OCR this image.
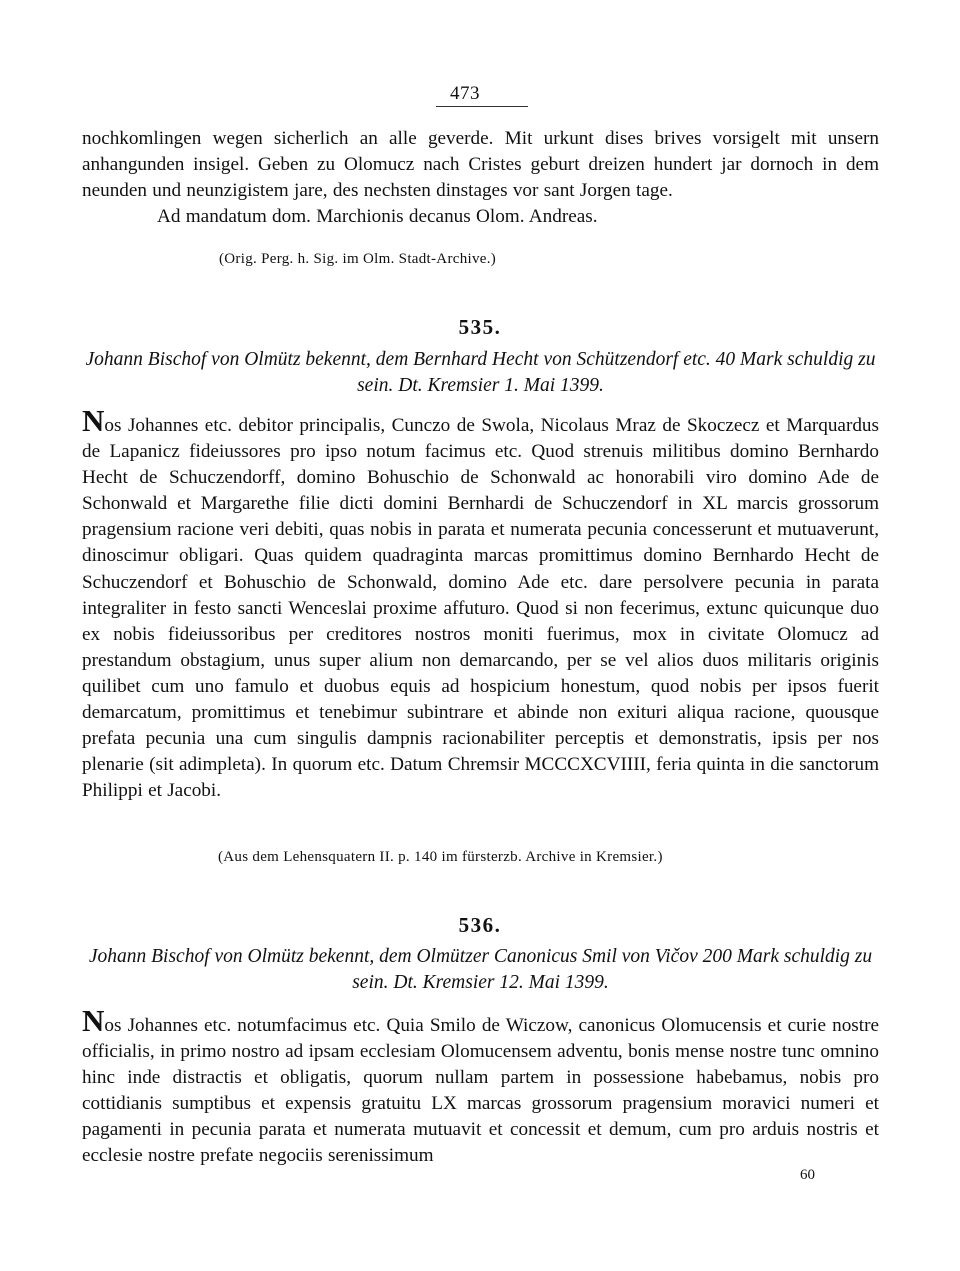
473

nochkomlingen wegen sicherlich an alle geverde. Mit urkunt dises brives vorsigelt mit unsern anhangunden insigel. Geben zu Olomucz nach Cristes geburt dreizen hundert jar dornoch in dem neunden und neunzigistem jare, des nechsten dinstages vor sant Jorgen tage.

Ad mandatum dom. Marchionis decanus Olom. Andreas.

(Orig. Perg. h. Sig. im Olm. Stadt-Archive.)
535.
Johann Bischof von Olmütz bekennt, dem Bernhard Hecht von Schützendorf etc. 40 Mark schuldig zu sein. Dt. Kremsier 1. Mai 1399.

Nos Johannes etc. debitor principalis, Cunczo de Swola, Nicolaus Mraz de Skoczecz et Marquardus de Lapanicz fideiussores pro ipso notum facimus etc. Quod strenuis militibus domino Bernhardo Hecht de Schuczendorff, domino Bohuschio de Schonwald ac honorabili viro domino Ade de Schonwald et Margarethe filie dicti domini Bernhardi de Schuczendorf in XL marcis grossorum pragensium racione veri debiti, quas nobis in parata et numerata pecunia concesserunt et mutuaverunt, dinoscimur obligari. Quas quidem quadraginta marcas promittimus domino Bernhardo Hecht de Schuczendorf et Bohuschio de Schonwald, domino Ade etc. dare persolvere pecunia in parata integraliter in festo sancti Wenceslai proxime affuturo. Quod si non fecerimus, extunc quicunque duo ex nobis fideiussoribus per creditores nostros moniti fuerimus, mox in civitate Olomucz ad prestandum obstagium, unus super alium non demarcando, per se vel alios duos militaris originis quilibet cum uno famulo et duobus equis ad hospicium honestum, quod nobis per ipsos fuerit demarcatum, promittimus et tenebimur subintrare et abinde non exituri aliqua racione, quousque prefata pecunia una cum singulis dampnis racionabiliter perceptis et demonstratis, ipsis per nos plenarie (sit adimpleta). In quorum etc. Datum Chremsir MCCCXCVIIII, feria quinta in die sanctorum Philippi et Jacobi.

(Aus dem Lehensquatern II. p. 140 im fürsterzb. Archive in Kremsier.)
536.
Johann Bischof von Olmütz bekennt, dem Olmützer Canonicus Smil von Vičov 200 Mark schuldig zu sein. Dt. Kremsier 12. Mai 1399.

Nos Johannes etc. notumfacimus etc. Quia Smilo de Wiczow, canonicus Olomucensis et curie nostre officialis, in primo nostro ad ipsam ecclesiam Olomucensem adventu, bonis mense nostre tunc omnino hinc inde distractis et obligatis, quorum nullam partem in possessione habebamus, nobis pro cottidianis sumptibus et expensis gratuitu LX marcas grossorum pragensium moravici numeri et pagamenti in pecunia parata et numerata mutuavit et concessit et demum, cum pro arduis nostris et ecclesie nostre prefate negociis serenissimum

60
